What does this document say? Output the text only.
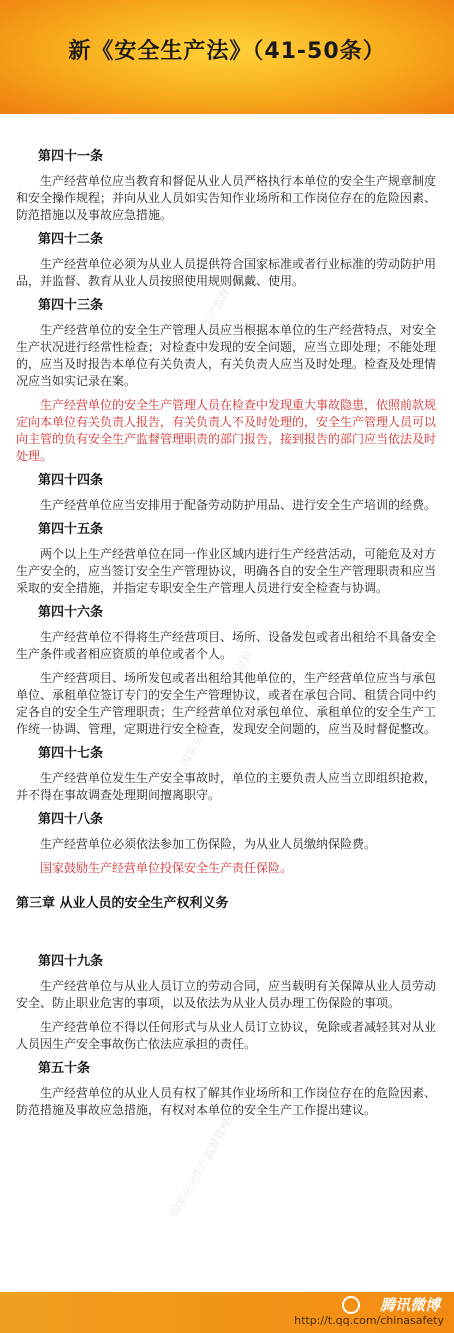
新《安全生产法》（41-50条）
国家安全生产监督管理总局
国家安全生产监督管理总局
国家安全生产监督管理总局
第四十一条
生产经营单位应当教育和督促从业人员严格执行本单位的安全生产规章制度和安全操作规程；并向从业人员如实告知作业场所和工作岗位存在的危险因素、防范措施以及事故应急措施。
第四十二条
生产经营单位必须为从业人员提供符合国家标准或者行业标准的劳动防护用品，并监督、教育从业人员按照使用规则佩戴、使用。
第四十三条
生产经营单位的安全生产管理人员应当根据本单位的生产经营特点，对安全生产状况进行经常性检查；对检查中发现的安全问题，应当立即处理；不能处理的，应当及时报告本单位有关负责人，有关负责人应当及时处理。检查及处理情况应当如实记录在案。
生产经营单位的安全生产管理人员在检查中发现重大事故隐患，依照前款规定向本单位有关负责人报告，有关负责人不及时处理的，安全生产管理人员可以向主管的负有安全生产监督管理职责的部门报告，接到报告的部门应当依法及时处理。
第四十四条
生产经营单位应当安排用于配备劳动防护用品、进行安全生产培训的经费。
第四十五条
两个以上生产经营单位在同一作业区域内进行生产经营活动，可能危及对方生产安全的，应当签订安全生产管理协议，明确各自的安全生产管理职责和应当采取的安全措施，并指定专职安全生产管理人员进行安全检查与协调。
第四十六条
生产经营单位不得将生产经营项目、场所、设备发包或者出租给不具备安全生产条件或者相应资质的单位或者个人。
生产经营项目、场所发包或者出租给其他单位的，生产经营单位应当与承包单位、承租单位签订专门的安全生产管理协议，或者在承包合同、租赁合同中约定各自的安全生产管理职责；生产经营单位对承包单位、承租单位的安全生产工作统一协调、管理，定期进行安全检查，发现安全问题的，应当及时督促整改。
第四十七条
生产经营单位发生生产安全事故时，单位的主要负责人应当立即组织抢救，并不得在事故调查处理期间擅离职守。
第四十八条
生产经营单位必须依法参加工伤保险，为从业人员缴纳保险费。
国家鼓励生产经营单位投保安全生产责任保险。
第三章 从业人员的安全生产权利义务
第四十九条
生产经营单位与从业人员订立的劳动合同，应当载明有关保障从业人员劳动安全、防止职业危害的事项，以及依法为从业人员办理工伤保险的事项。
生产经营单位不得以任何形式与从业人员订立协议，免除或者减轻其对从业人员因生产安全事故伤亡依法应承担的责任。
第五十条
生产经营单位的从业人员有权了解其作业场所和工作岗位存在的危险因素、防范措施及事故应急措施，有权对本单位的安全生产工作提出建议。
腾讯微博
http://t.qq.com/chinasafety
